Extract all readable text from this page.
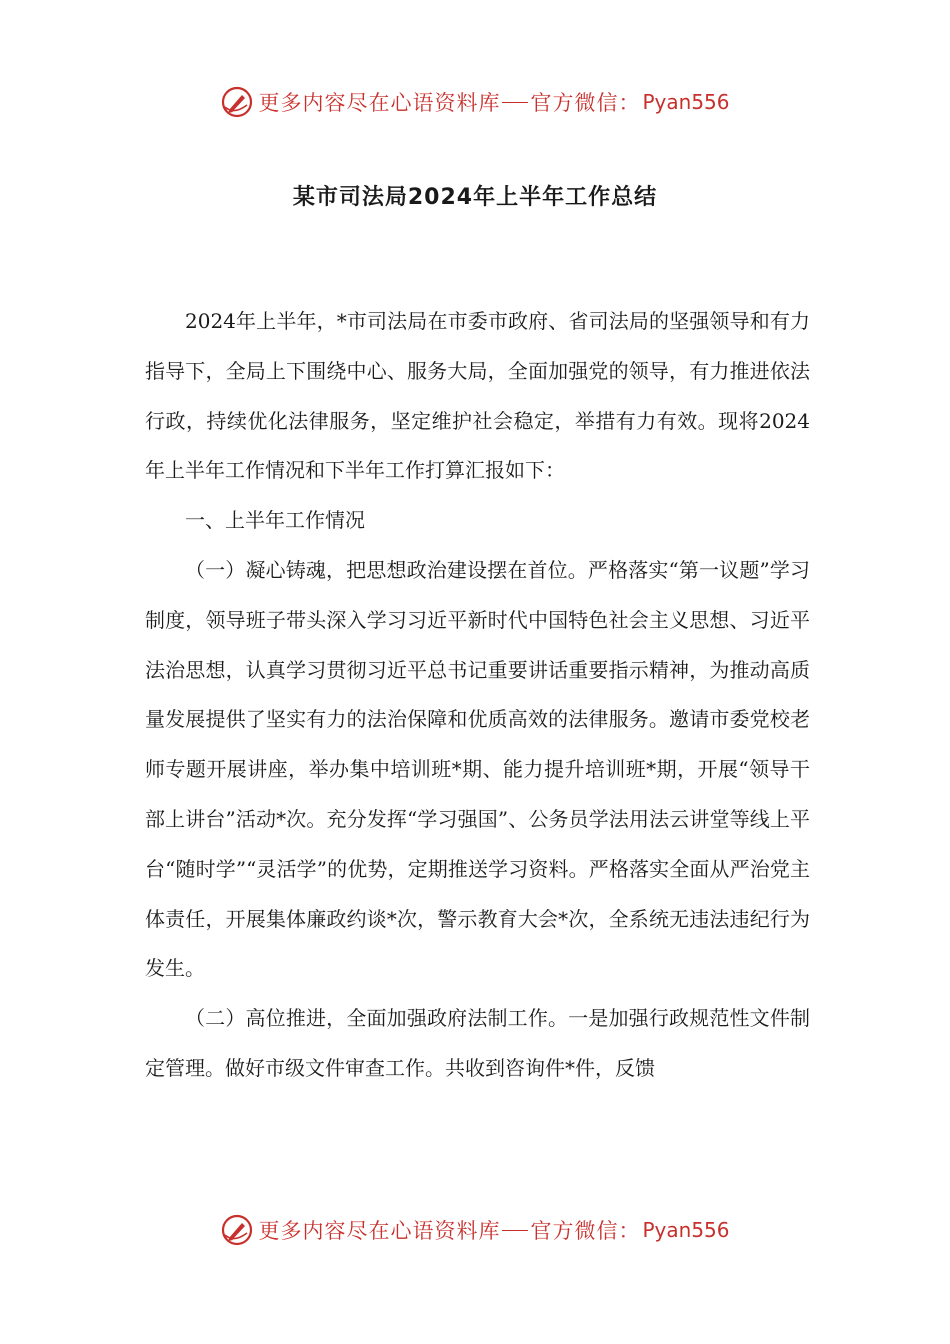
更多内容尽在心语资料库 官方微信： Pyan556
某市司法局2024年上半年工作总结

2024年上半年，*市司法局在市委市政府、省司法局的坚强领导和有力指导下，全局上下围绕中心、服务大局，全面加强党的领导，有力推进依法行政，持续优化法律服务，坚定维护社会稳定，举措有力有效。现将2024年上半年工作情况和下半年工作打算汇报如下：

一、上半年工作情况

（一）凝心铸魂，把思想政治建设摆在首位。严格落实“第一议题”学习制度，领导班子带头深入学习习近平新时代中国特色社会主义思想、习近平法治思想，认真学习贯彻习近平总书记重要讲话重要指示精神，为推动高质量发展提供了坚实有力的法治保障和优质高效的法律服务。邀请市委党校老师专题开展讲座，举办集中培训班*期、能力提升培训班*期，开展“领导干部上讲台”活动*次。充分发挥“学习强国”、公务员学法用法云讲堂等线上平台“随时学”“灵活学”的优势，定期推送学习资料。严格落实全面从严治党主体责任，开展集体廉政约谈*次，警示教育大会*次，全系统无违法违纪行为发生。

（二）高位推进，全面加强政府法制工作。一是加强行政规范性文件制定管理。做好市级文件审查工作。共收到咨询件*件，反馈

更多内容尽在心语资料库 官方微信： Pyan556
